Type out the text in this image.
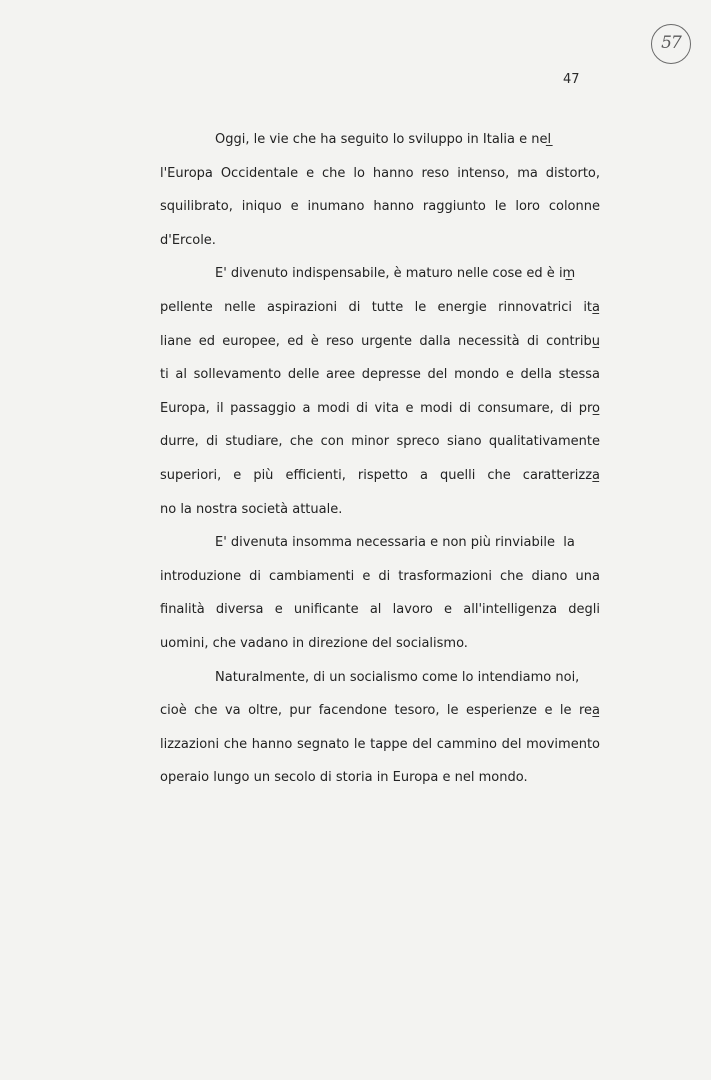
57
47
Oggi, le vie che ha seguito lo sviluppo in Italia e nel̲
l'Europa Occidentale e che lo hanno reso intenso, ma distorto,
squilibrato, iniquo e inumano hanno raggiunto le loro colonne
d'Ercole.
E' divenuto indispensabile, è maturo nelle cose ed è im̲
pellente nelle aspirazioni di tutte le energie rinnovatrici ita̲
liane ed europee, ed è reso urgente dalla necessità di contribu̲
ti al sollevamento delle aree depresse del mondo e della stessa
Europa, il passaggio a modi di vita e modi di consumare, di pro̲
durre, di studiare, che con minor spreco siano qualitativamente
superiori, e più efficienti, rispetto a quelli che caratterizza̲
no la nostra società attuale.
E' divenuta insomma necessaria e non più rinviabile  la
introduzione di cambiamenti e di trasformazioni che diano una
finalità diversa e unificante al lavoro e all'intelligenza degli
uomini, che vadano in direzione del socialismo.
Naturalmente, di un socialismo come lo intendiamo noi,
cioè che va oltre, pur facendone tesoro, le esperienze e le rea̲
lizzazioni che hanno segnato le tappe del cammino del movimento
operaio lungo un secolo di storia in Europa e nel mondo.
